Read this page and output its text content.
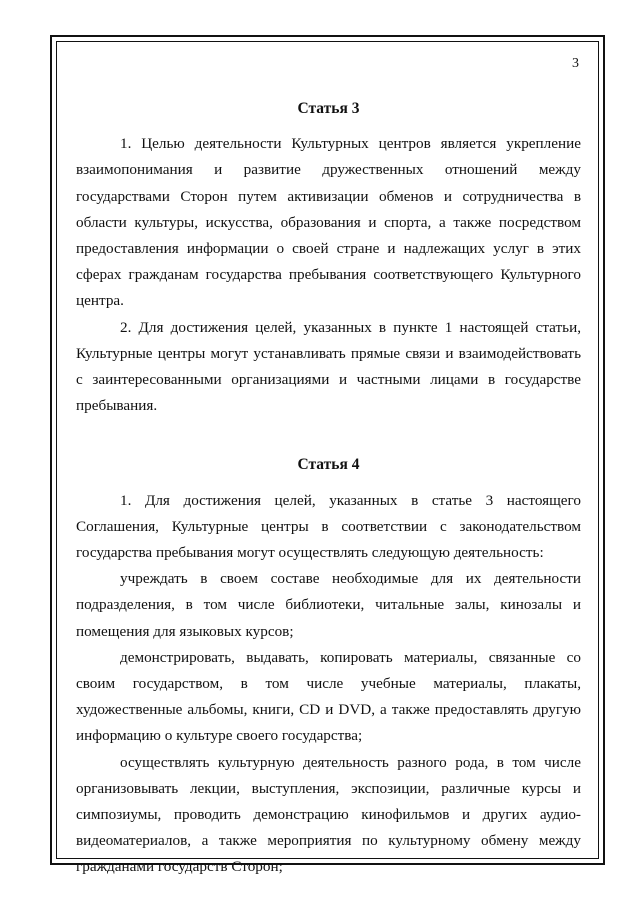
3
Статья 3

1. Целью деятельности Культурных центров является укрепление взаимопонимания и развитие дружественных отношений между государствами Сторон путем активизации обменов и сотрудничества в области культуры, искусства, образования и спорта, а также посредством предоставления информации о своей стране и надлежащих услуг в этих сферах гражданам государства пребывания соответствующего Культурного центра.

2. Для достижения целей, указанных в пункте 1 настоящей статьи, Культурные центры могут устанавливать прямые связи и взаимодействовать с заинтересованными организациями и частными лицами в государстве пребывания.

Статья 4

1. Для достижения целей, указанных в статье 3 настоящего Соглашения, Культурные центры в соответствии с законодательством государства пребывания могут осуществлять следующую деятельность:

учреждать в своем составе необходимые для их деятельности подразделения, в том числе библиотеки, читальные залы, кинозалы и помещения для языковых курсов;

демонстрировать, выдавать, копировать материалы, связанные со своим государством, в том числе учебные материалы, плакаты, художественные альбомы, книги, CD и DVD, а также предоставлять другую информацию о культуре своего государства;

осуществлять культурную деятельность разного рода, в том числе организовывать лекции, выступления, экспозиции, различные курсы и симпозиумы, проводить демонстрацию кинофильмов и других аудио-видеоматериалов, а также мероприятия по культурному обмену между гражданами государств Сторон;
